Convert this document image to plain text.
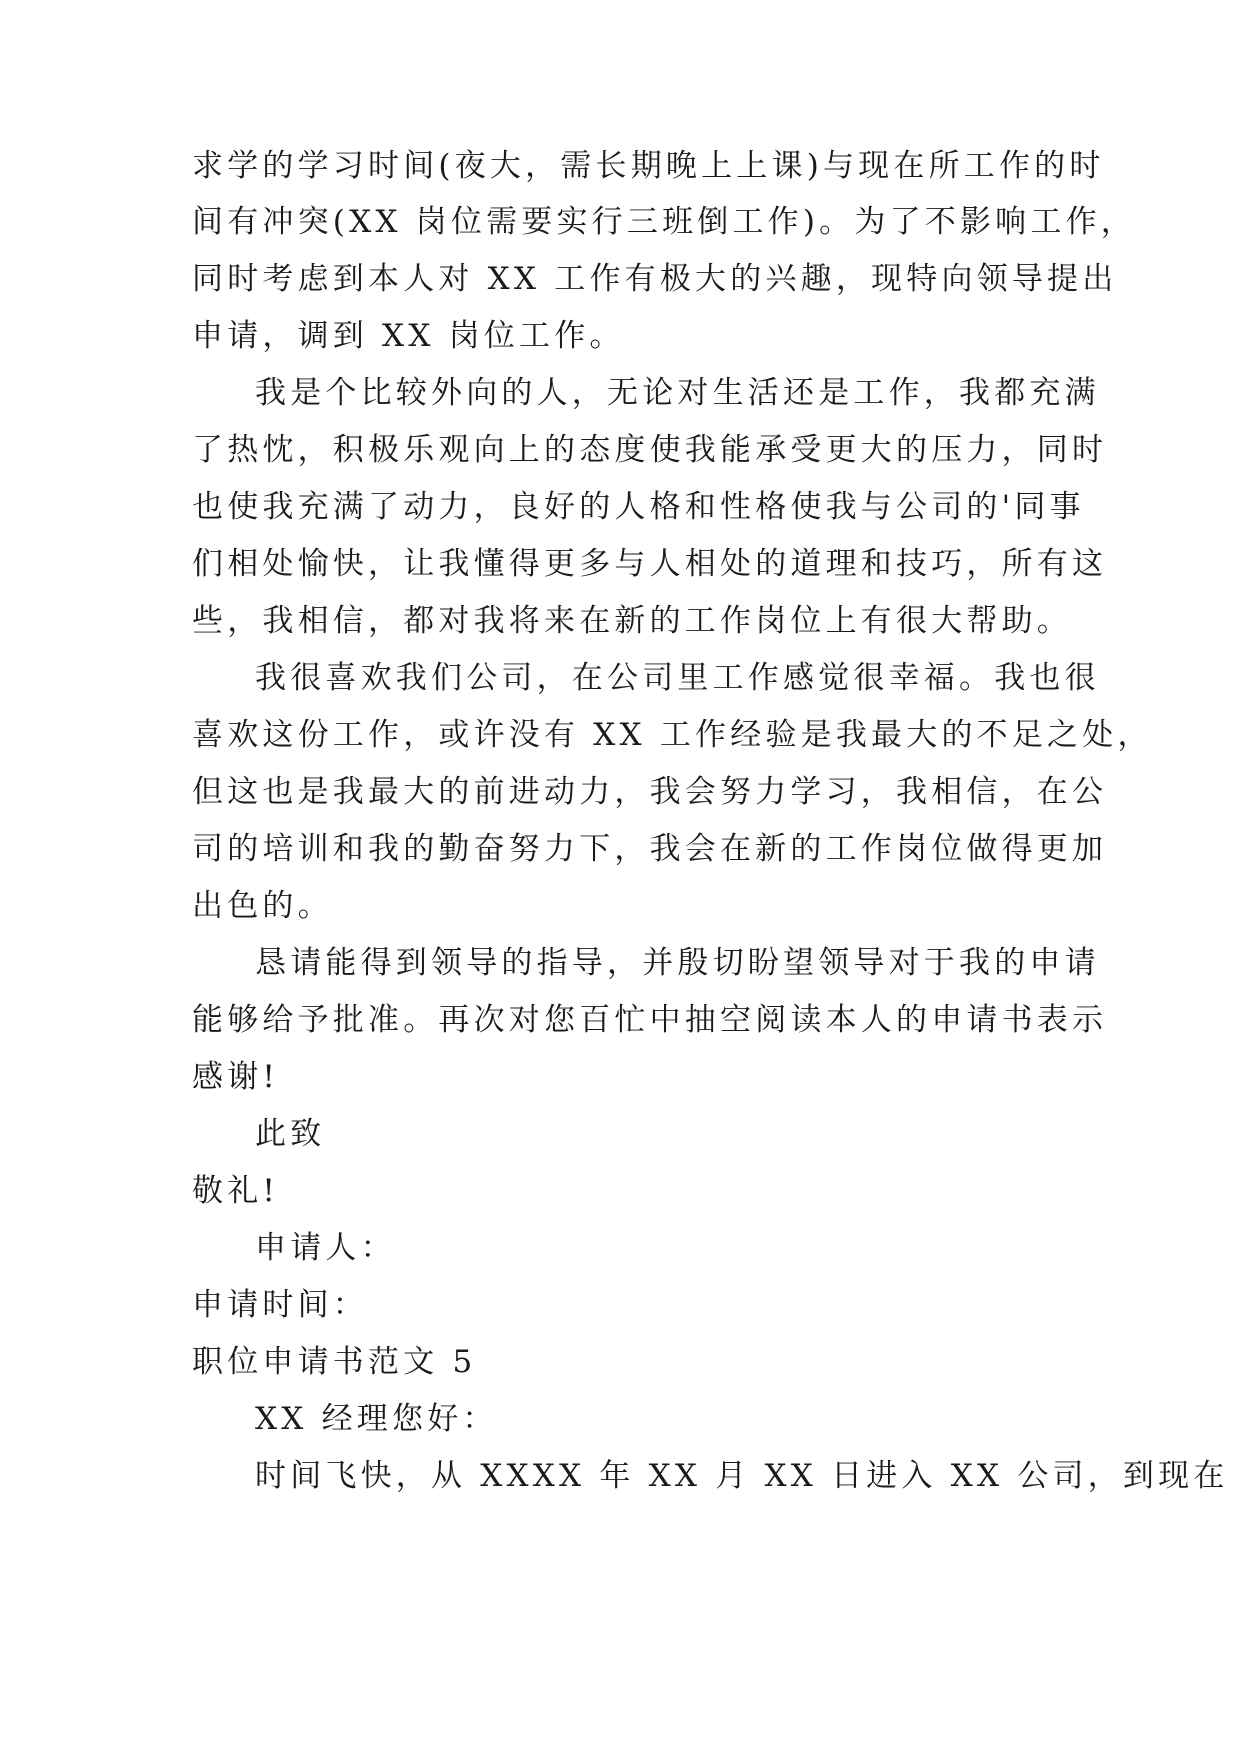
求学的学习时间(夜大，需长期晚上上课)与现在所工作的时
间有冲突(XX 岗位需要实行三班倒工作)。为了不影响工作，
同时考虑到本人对 XX 工作有极大的兴趣，现特向领导提出
申请，调到 XX 岗位工作。
我是个比较外向的人，无论对生活还是工作，我都充满
了热忱，积极乐观向上的态度使我能承受更大的压力，同时
也使我充满了动力，良好的人格和性格使我与公司的'同事
们相处愉快，让我懂得更多与人相处的道理和技巧，所有这
些，我相信，都对我将来在新的工作岗位上有很大帮助。
我很喜欢我们公司，在公司里工作感觉很幸福。我也很
喜欢这份工作，或许没有 XX 工作经验是我最大的不足之处，
但这也是我最大的前进动力，我会努力学习，我相信，在公
司的培训和我的勤奋努力下，我会在新的工作岗位做得更加
出色的。
恳请能得到领导的指导，并殷切盼望领导对于我的申请
能够给予批准。再次对您百忙中抽空阅读本人的申请书表示
感谢!
此致
敬礼!
申请人：
申请时间：
职位申请书范文 5
XX 经理您好：
时间飞快，从 XXXX 年 XX 月 XX 日进入 XX 公司，到现在
